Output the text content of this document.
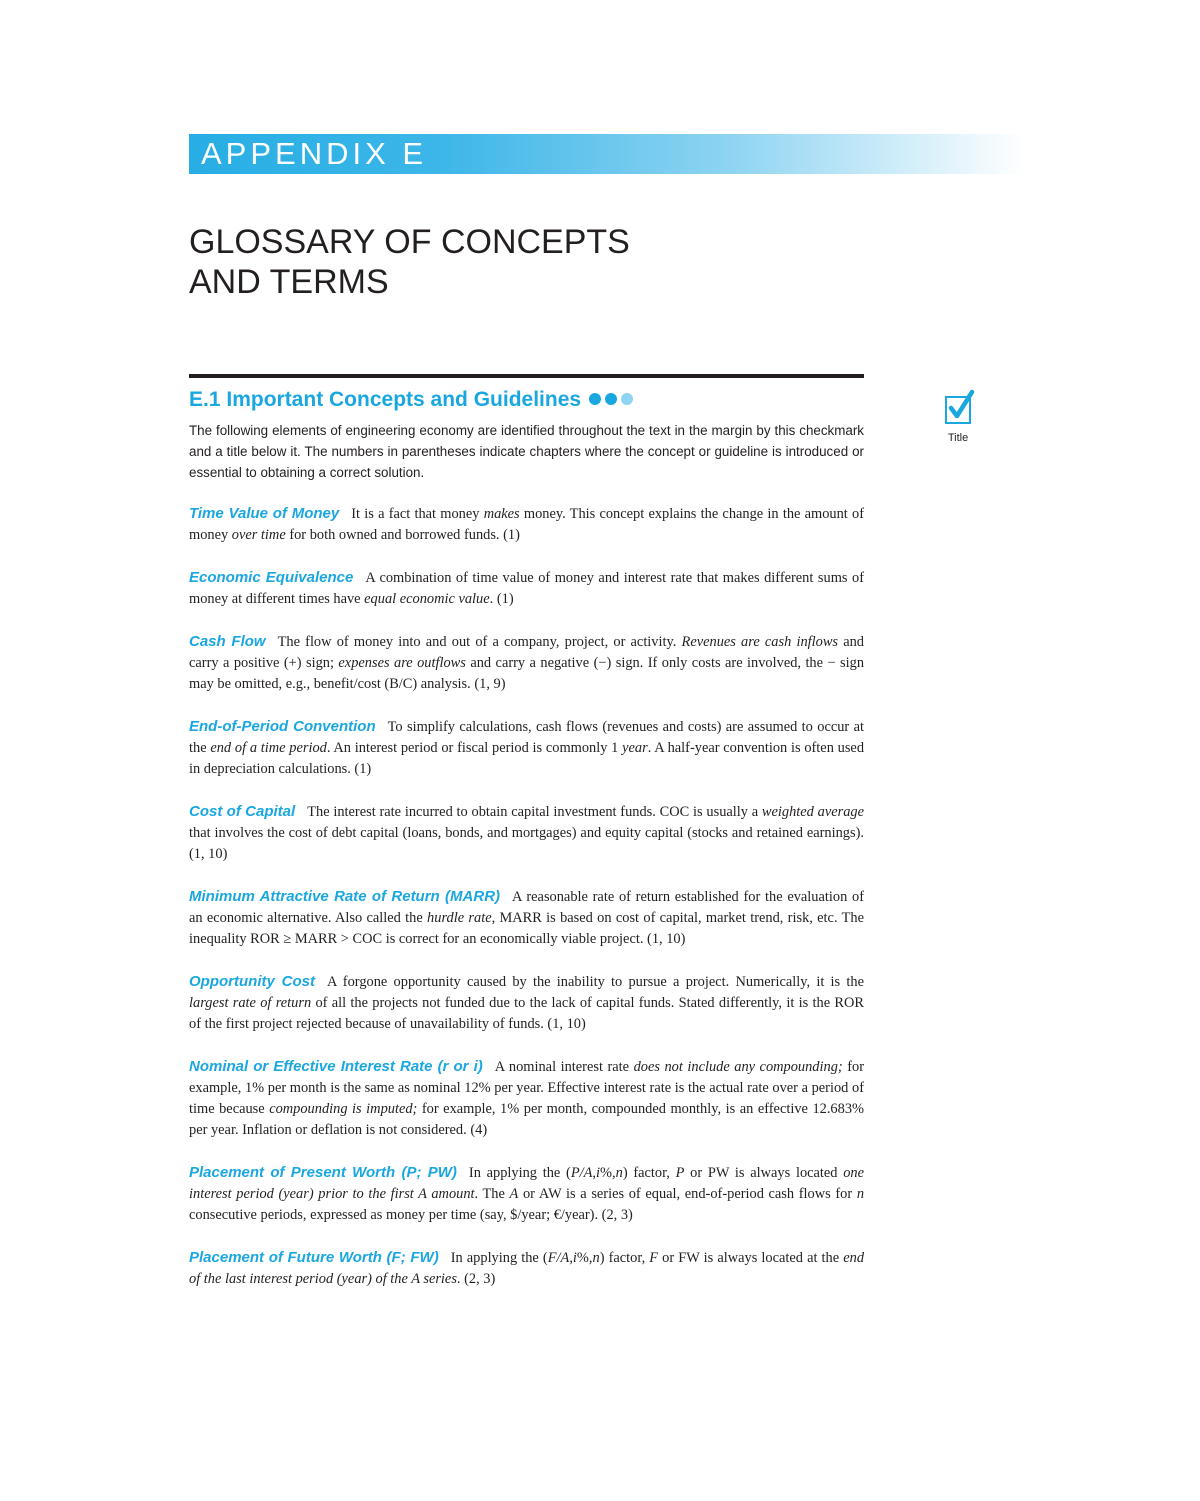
APPENDIX E
GLOSSARY OF CONCEPTS
AND TERMS
E.1 Important Concepts and Guidelines
Title

The following elements of engineering economy are identified throughout the text in the margin by this checkmark and a title below it. The numbers in parentheses indicate chapters where the concept or guideline is introduced or essential to obtaining a correct solution.

Time Value of Money It is a fact that money makes money. This concept explains the change in the amount of money over time for both owned and borrowed funds. (1)

Economic Equivalence A combination of time value of money and interest rate that makes different sums of money at different times have equal economic value. (1)

Cash Flow The flow of money into and out of a company, project, or activity. Revenues are cash inflows and carry a positive (+) sign; expenses are outflows and carry a negative (−) sign. If only costs are involved, the − sign may be omitted, e.g., benefit/cost (B/C) analysis. (1, 9)

End-of-Period Convention To simplify calculations, cash flows (revenues and costs) are assumed to occur at the end of a time period. An interest period or fiscal period is commonly 1 year. A half-year convention is often used in depreciation calculations. (1)

Cost of Capital The interest rate incurred to obtain capital investment funds. COC is usually a weighted average that involves the cost of debt capital (loans, bonds, and mortgages) and equity capital (stocks and retained earnings). (1, 10)

Minimum Attractive Rate of Return (MARR) A reasonable rate of return established for the evaluation of an economic alternative. Also called the hurdle rate, MARR is based on cost of capital, market trend, risk, etc. The inequality ROR ≥ MARR > COC is correct for an economically viable project. (1, 10)

Opportunity Cost A forgone opportunity caused by the inability to pursue a project. Numerically, it is the largest rate of return of all the projects not funded due to the lack of capital funds. Stated differently, it is the ROR of the first project rejected because of unavailability of funds. (1, 10)

Nominal or Effective Interest Rate (r or i) A nominal interest rate does not include any compounding; for example, 1% per month is the same as nominal 12% per year. Effective interest rate is the actual rate over a period of time because compounding is imputed; for example, 1% per month, compounded monthly, is an effective 12.683% per year. Inflation or deflation is not considered. (4)

Placement of Present Worth (P; PW) In applying the (P/A,i%,n) factor, P or PW is always located one interest period (year) prior to the first A amount. The A or AW is a series of equal, end-of-period cash flows for n consecutive periods, expressed as money per time (say, $/year; €/year). (2, 3)

Placement of Future Worth (F; FW) In applying the (F/A,i%,n) factor, F or FW is always located at the end of the last interest period (year) of the A series. (2, 3)
